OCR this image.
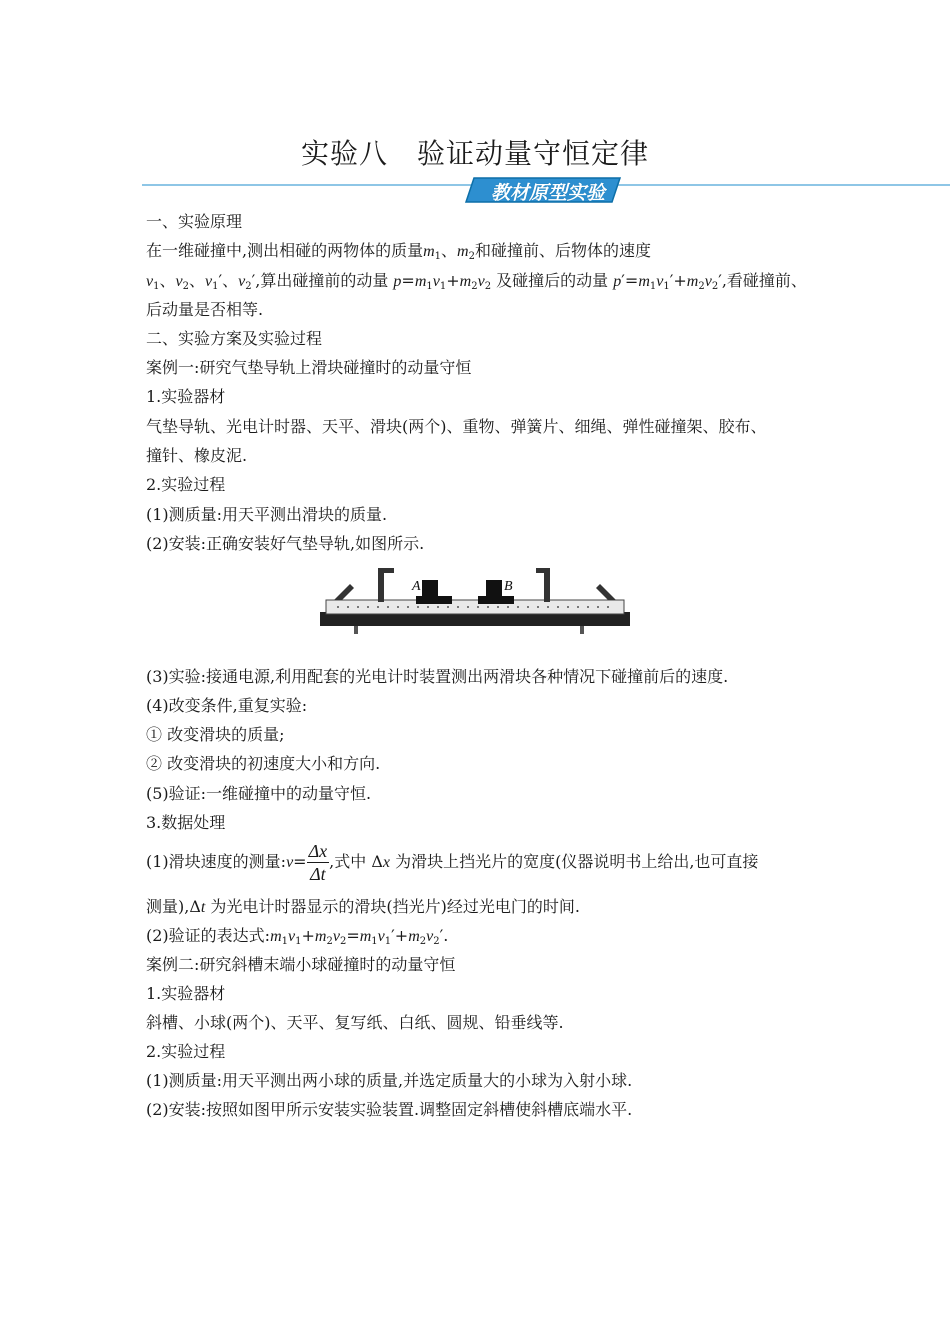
实验八　验证动量守恒定律
教材原型实验
一、实验原理
在一维碰撞中,测出相碰的两物体的质量$m_1$、$m_2$和碰撞前、后物体的速度
$v_1$、$v_2$、$v_1'$、$v_2'$,算出碰撞前的动量 $p=m_1v_1+m_2v_2$ 及碰撞后的动量 $p'=m_1v_1'+m_2v_2'$,看碰撞前、
后动量是否相等.
二、实验方案及实验过程
案例一:研究气垫导轨上滑块碰撞时的动量守恒
1.实验器材
气垫导轨、光电计时器、天平、滑块(两个)、重物、弹簧片、细绳、弹性碰撞架、胶布、
撞针、橡皮泥.
2.实验过程
(1)测质量:用天平测出滑块的质量.
(2)安装:正确安装好气垫导轨,如图所示.
A	B
(3)实验:接通电源,利用配套的光电计时装置测出两滑块各种情况下碰撞前后的速度.
(4)改变条件,重复实验:
① 改变滑块的质量;
② 改变滑块的初速度大小和方向.
(5)验证:一维碰撞中的动量守恒.
3.数据处理
(1)滑块速度的测量:v= $\frac{\Delta x}{\Delta t}$ ,式中 Δx 为滑块上挡光片的宽度(仪器说明书上给出,也可直接
测量),Δt 为光电计时器显示的滑块(挡光片)经过光电门的时间.
(2)验证的表达式$:m_1v_1+m_2v_2=m_1v_1'+m_2v_2'$.
案例二:研究斜槽末端小球碰撞时的动量守恒
1.实验器材
斜槽、小球(两个)、天平、复写纸、白纸、圆规、铅垂线等.
2.实验过程
(1)测质量:用天平测出两小球的质量,并选定质量大的小球为入射小球.
(2)安装:按照如图甲所示安装实验装置.调整固定斜槽使斜槽底端水平.
